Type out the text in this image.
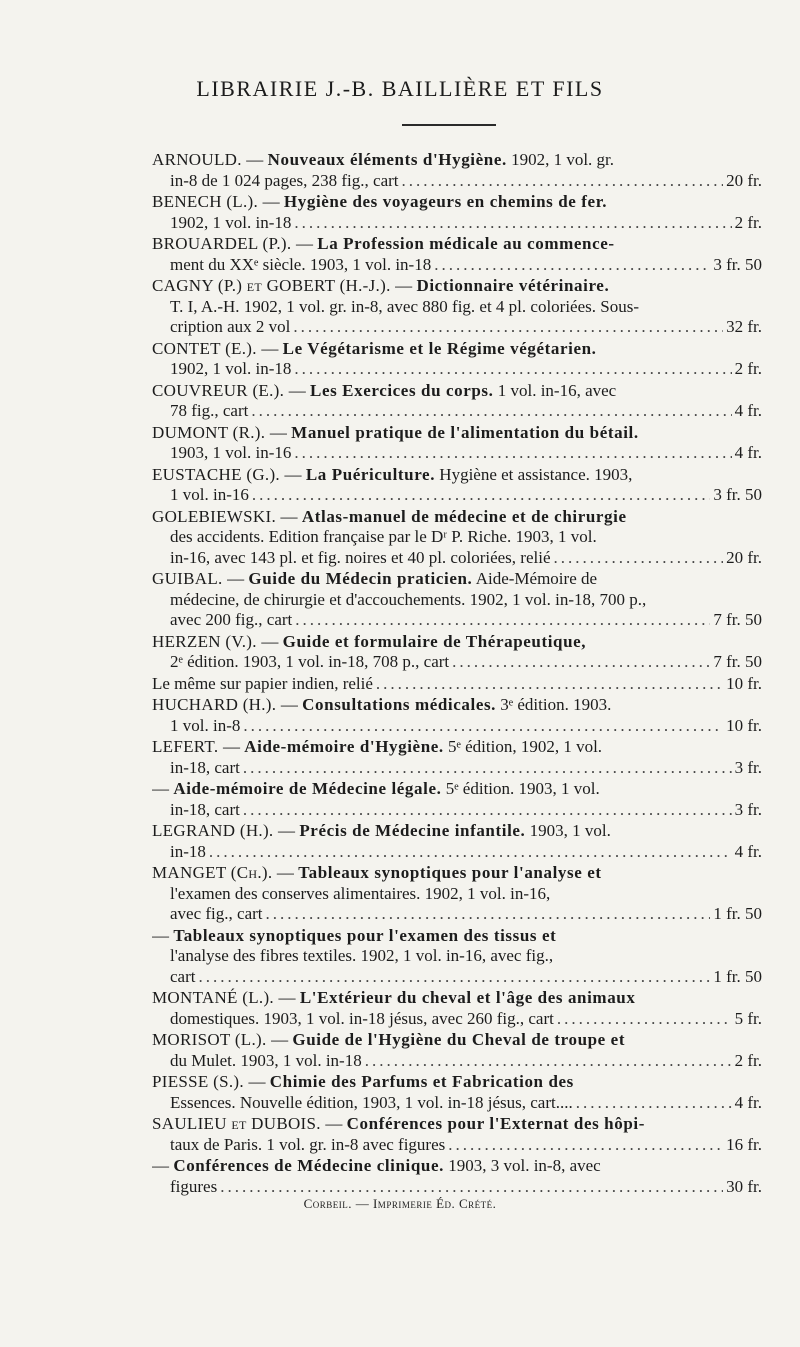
LIBRAIRIE J.-B. BAILLIÈRE ET FILS
ARNOULD. — Nouveaux éléments d'Hygiène. 1902, 1 vol. gr.
in-8 de 1 024 pages, 238 fig., cart .....	20 fr.
BENECH (L.). — Hygiène des voyageurs en chemins de fer.
1902, 1 vol. in-18 .....	2 fr.
BROUARDEL (P.). — La Profession médicale au commence-
ment du XXᵉ siècle. 1903, 1 vol. in-18 .....	3 fr. 50
CAGNY (P.) et GOBERT (H.-J.). — Dictionnaire vétérinaire.
T. I, A.-H. 1902, 1 vol. gr. in-8, avec 880 fig. et 4 pl. coloriées. Sous-
cription aux 2 vol .....	32 fr.
CONTET (E.). — Le Végétarisme et le Régime végétarien.
1902, 1 vol. in-18 .....	2 fr.
COUVREUR (E.). — Les Exercices du corps. 1 vol. in-16, avec
78 fig., cart .....	4 fr.
DUMONT (R.). — Manuel pratique de l'alimentation du bétail.
1903, 1 vol. in-16 .....	4 fr.
EUSTACHE (G.). — La Puériculture. Hygiène et assistance. 1903,
1 vol. in-16 .....	3 fr. 50
GOLEBIEWSKI. — Atlas-manuel de médecine et de chirurgie
des accidents. Edition française par le Dʳ P. Riche. 1903, 1 vol.
in-16, avec 143 pl. et fig. noires et 40 pl. coloriées, relié .....	20 fr.
GUIBAL. — Guide du Médecin praticien. Aide-Mémoire de
médecine, de chirurgie et d'accouchements. 1902, 1 vol. in-18, 700 p.,
avec 200 fig., cart .....	7 fr. 50
HERZEN (V.). — Guide et formulaire de Thérapeutique,
2ᵉ édition. 1903, 1 vol. in-18, 708 p., cart .....	7 fr. 50
Le même sur papier indien, relié .....	10 fr.
HUCHARD (H.). — Consultations médicales. 3ᵉ édition. 1903.
1 vol. in-8 .....	10 fr.
LEFERT. — Aide-mémoire d'Hygiène. 5ᵉ édition, 1902, 1 vol.
in-18, cart .....	3 fr.
— Aide-mémoire de Médecine légale. 5ᵉ édition. 1903, 1 vol.
in-18, cart .....	3 fr.
LEGRAND (H.). — Précis de Médecine infantile. 1903, 1 vol.
in-18 .....	4 fr.
MANGET (Ch.). — Tableaux synoptiques pour l'analyse et
l'examen des conserves alimentaires. 1902, 1 vol. in-16,
avec fig., cart .....	1 fr. 50
— Tableaux synoptiques pour l'examen des tissus et
l'analyse des fibres textiles. 1902, 1 vol. in-16, avec fig.,
cart .....	1 fr. 50
MONTANÉ (L.). — L'Extérieur du cheval et l'âge des animaux
domestiques. 1903, 1 vol. in-18 jésus, avec 260 fig., cart .....	5 fr.
MORISOT (L.). — Guide de l'Hygiène du Cheval de troupe et
du Mulet. 1903, 1 vol. in-18 .....	2 fr.
PIESSE (S.). — Chimie des Parfums et Fabrication des
Essences. Nouvelle édition, 1903, 1 vol. in-18 jésus, cart.... .....	4 fr.
SAULIEU et DUBOIS. — Conférences pour l'Externat des hôpi-
taux de Paris. 1 vol. gr. in-8 avec figures .....	16 fr.
— Conférences de Médecine clinique. 1903, 3 vol. in-8, avec
figures .....	30 fr.
Corbeil. — Imprimerie Éd. Crété.
